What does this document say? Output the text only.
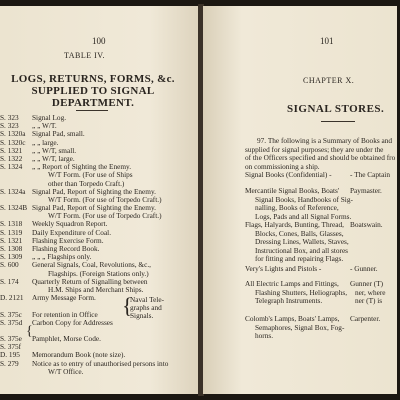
100
TABLE IV.
LOGS, RETURNS, FORMS, &c.
SUPPLIED TO SIGNAL
DEPARTMENT.
S. 323 Signal Log.
S. 323 „ „ W/T.
S. 1320a Signal Pad, small.
S. 1320c „ „ large.
S. 1321 „ „ W/T, small.
S. 1322 „ „ W/T, large.
S. 1324 „ „ Report of Sighting the Enemy.
W/T Form. (For use of Ships
other than Torpedo Craft.)
S. 1324a Signal Pad, Report of Sighting the Enemy.
W/T Form. (For use of Torpedo Craft.)
S. 1324B Signal Pad, Report of Sighting the Enemy.
W/T Form. (For use of Torpedo Craft.)
S. 1318 Weekly Squadron Report.
S. 1319 Daily Expenditure of Coal.
S. 1321 Flashing Exercise Form.
S. 1308 Flashing Record Book.
S. 1309 „ „ „ Flagships only.
S. 600 General Signals, Coal, Revolutions, &c.,
Flagships. (Foreign Stations only.)
S. 174 Quarterly Return of Signalling between
H.M. Ships and Merchant Ships.
D. 2121 Army Message Form.
S. 375c For retention in Office
S. 375d Carbon Copy for Addresses
S. 375e Pamphlet, Morse Code.
S. 375f
D. 195 Memorandum Book (note size).
S. 279 Notice as to entry of unauthorised persons into
W/T Office.
{
Naval Tele-
graphs and
Signals.
{
101
CHAPTER X.
SIGNAL STORES.
97. The following is a Summary of Books and
supplied for signal purposes; they are under the
of the Officers specified and should be obtained fro
on commissioning a ship.
Signal Books (Confidential) -	- The Captain
Mercantile Signal Books, Boats'
Signal Books, Handbooks of Sig-
nalling, Books of Reference,
Logs, Pads and all Signal Forms.
Paymaster.
Flags, Halyards, Bunting, Thread,
Blocks, Cones, Balls, Glasses,
Dressing Lines, Wallets, Staves,
Instructional Box, and all stores
for fitting and repairing Flags.
Boatswain.
Very's Lights and Pistols -	- Gunner.
All Electric Lamps and Fittings,
Flashing Shutters, Heliographs,
Telegraph Instruments.
Gunner (T)
ner, where
ner (T) is
Colomb's Lamps, Boats' Lamps,
Semaphores, Signal Box, Fog-
horns.
Carpenter.
